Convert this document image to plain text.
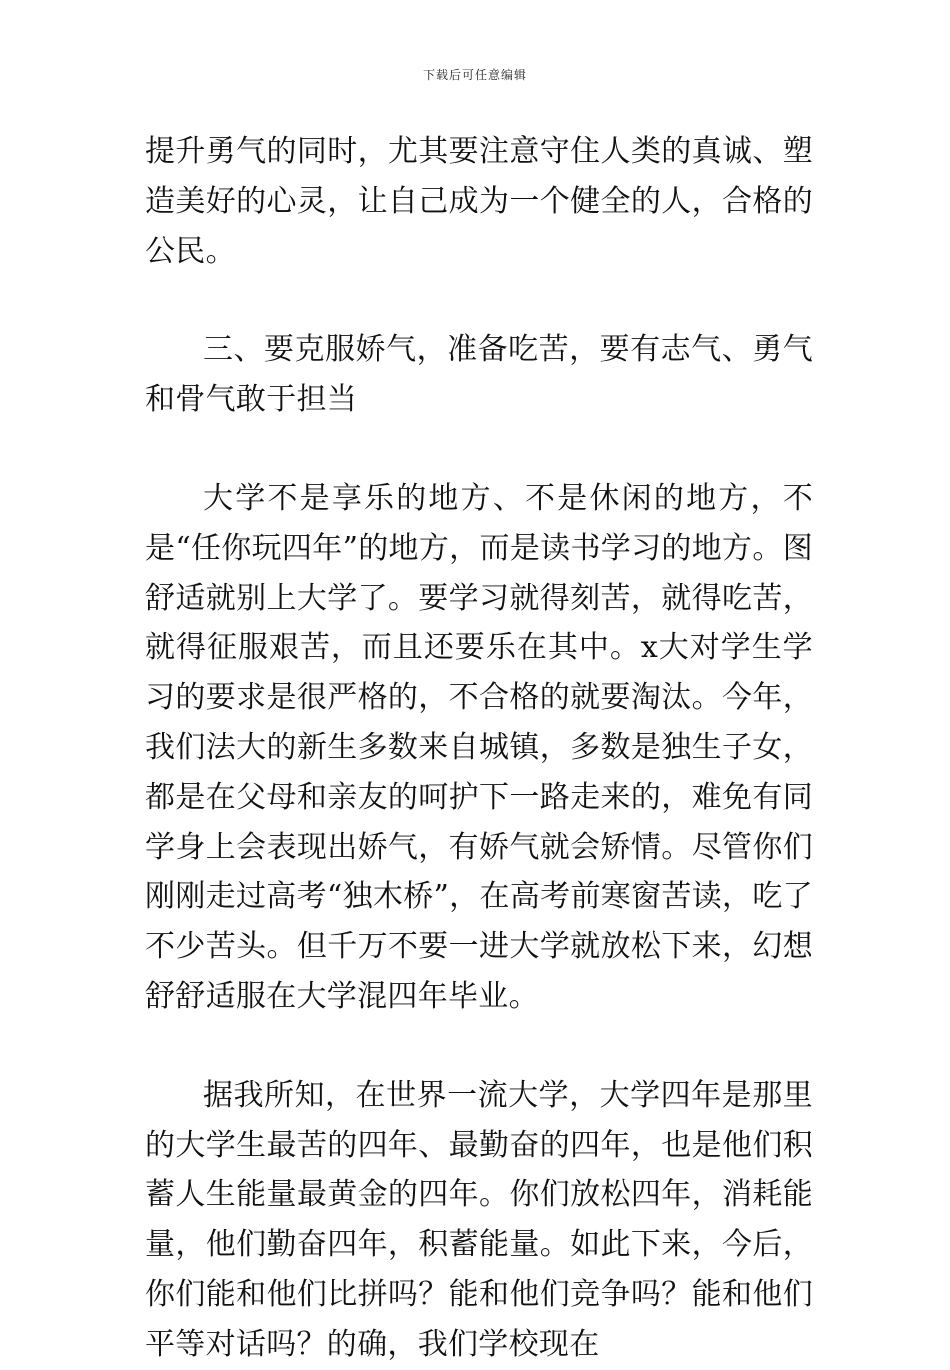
下载后可任意编辑

提升勇气的同时，尤其要注意守住人类的真诚、塑造美好的心灵，让自己成为一个健全的人，合格的公民。

三、要克服娇气，准备吃苦，要有志气、勇气和骨气敢于担当

大学不是享乐的地方、不是休闲的地方，不是“任你玩四年”的地方，而是读书学习的地方。图舒适就别上大学了。要学习就得刻苦，就得吃苦，就得征服艰苦，而且还要乐在其中。x大对学生学习的要求是很严格的，不合格的就要淘汰。今年，我们法大的新生多数来自城镇，多数是独生子女，都是在父母和亲友的呵护下一路走来的，难免有同学身上会表现出娇气，有娇气就会矫情。尽管你们刚刚走过高考“独木桥”，在高考前寒窗苦读，吃了不少苦头。但千万不要一进大学就放松下来，幻想舒舒适服在大学混四年毕业。

据我所知，在世界一流大学，大学四年是那里的大学生最苦的四年、最勤奋的四年，也是他们积蓄人生能量最黄金的四年。你们放松四年，消耗能量，他们勤奋四年，积蓄能量。如此下来，今后，你们能和他们比拼吗？能和他们竞争吗？能和他们平等对话吗？的确，我们学校现在
